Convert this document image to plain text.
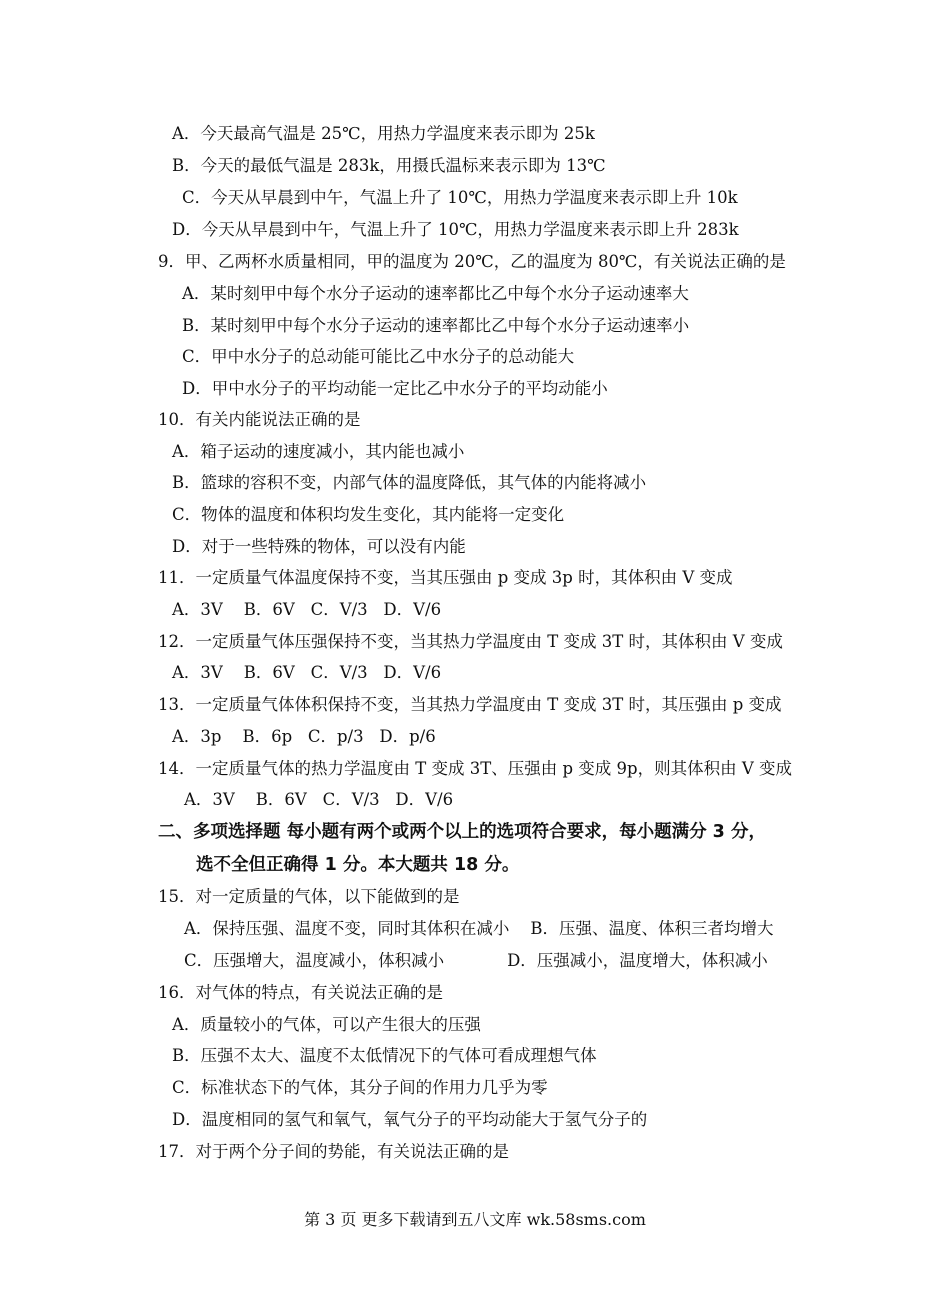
A．今天最高气温是 25℃，用热力学温度来表示即为 25k
B．今天的最低气温是 283k，用摄氏温标来表示即为 13℃
C．今天从早晨到中午，气温上升了 10℃，用热力学温度来表示即上升 10k
D．今天从早晨到中午，气温上升了 10℃，用热力学温度来表示即上升 283k
9．甲、乙两杯水质量相同，甲的温度为 20℃，乙的温度为 80℃，有关说法正确的是
A．某时刻甲中每个水分子运动的速率都比乙中每个水分子运动速率大
B．某时刻甲中每个水分子运动的速率都比乙中每个水分子运动速率小
C．甲中水分子的总动能可能比乙中水分子的总动能大
D．甲中水分子的平均动能一定比乙中水分子的平均动能小
10．有关内能说法正确的是
A．箱子运动的速度减小，其内能也减小
B．篮球的容积不变，内部气体的温度降低，其气体的内能将减小
C．物体的温度和体积均发生变化，其内能将一定变化
D．对于一些特殊的物体，可以没有内能
11．一定质量气体温度保持不变，当其压强由 p 变成 3p 时，其体积由 V 变成
A．3V    B．6V   C．V/3   D．V/6
12．一定质量气体压强保持不变，当其热力学温度由 T 变成 3T 时，其体积由 V 变成
A．3V    B．6V   C．V/3   D．V/6
13．一定质量气体体积保持不变，当其热力学温度由 T 变成 3T 时，其压强由 p 变成
A．3p    B．6p   C．p/3   D．p/6
14．一定质量气体的热力学温度由 T 变成 3T、压强由 p 变成 9p，则其体积由 V 变成
A．3V    B．6V   C．V/3   D．V/6
二、多项选择题 每小题有两个或两个以上的选项符合要求，每小题满分 3 分，
选不全但正确得 1 分。本大题共 18 分。
15．对一定质量的气体，以下能做到的是
A．保持压强、温度不变，同时其体积在减小    B．压强、温度、体积三者均增大
C．压强增大，温度减小，体积减小            D．压强减小，温度增大，体积减小
16．对气体的特点，有关说法正确的是
A．质量较小的气体，可以产生很大的压强
B．压强不太大、温度不太低情况下的气体可看成理想气体
C．标准状态下的气体，其分子间的作用力几乎为零
D．温度相同的氢气和氧气，氧气分子的平均动能大于氢气分子的
17．对于两个分子间的势能，有关说法正确的是
第 3 页 更多下载请到五八文库 wk.58sms.com
